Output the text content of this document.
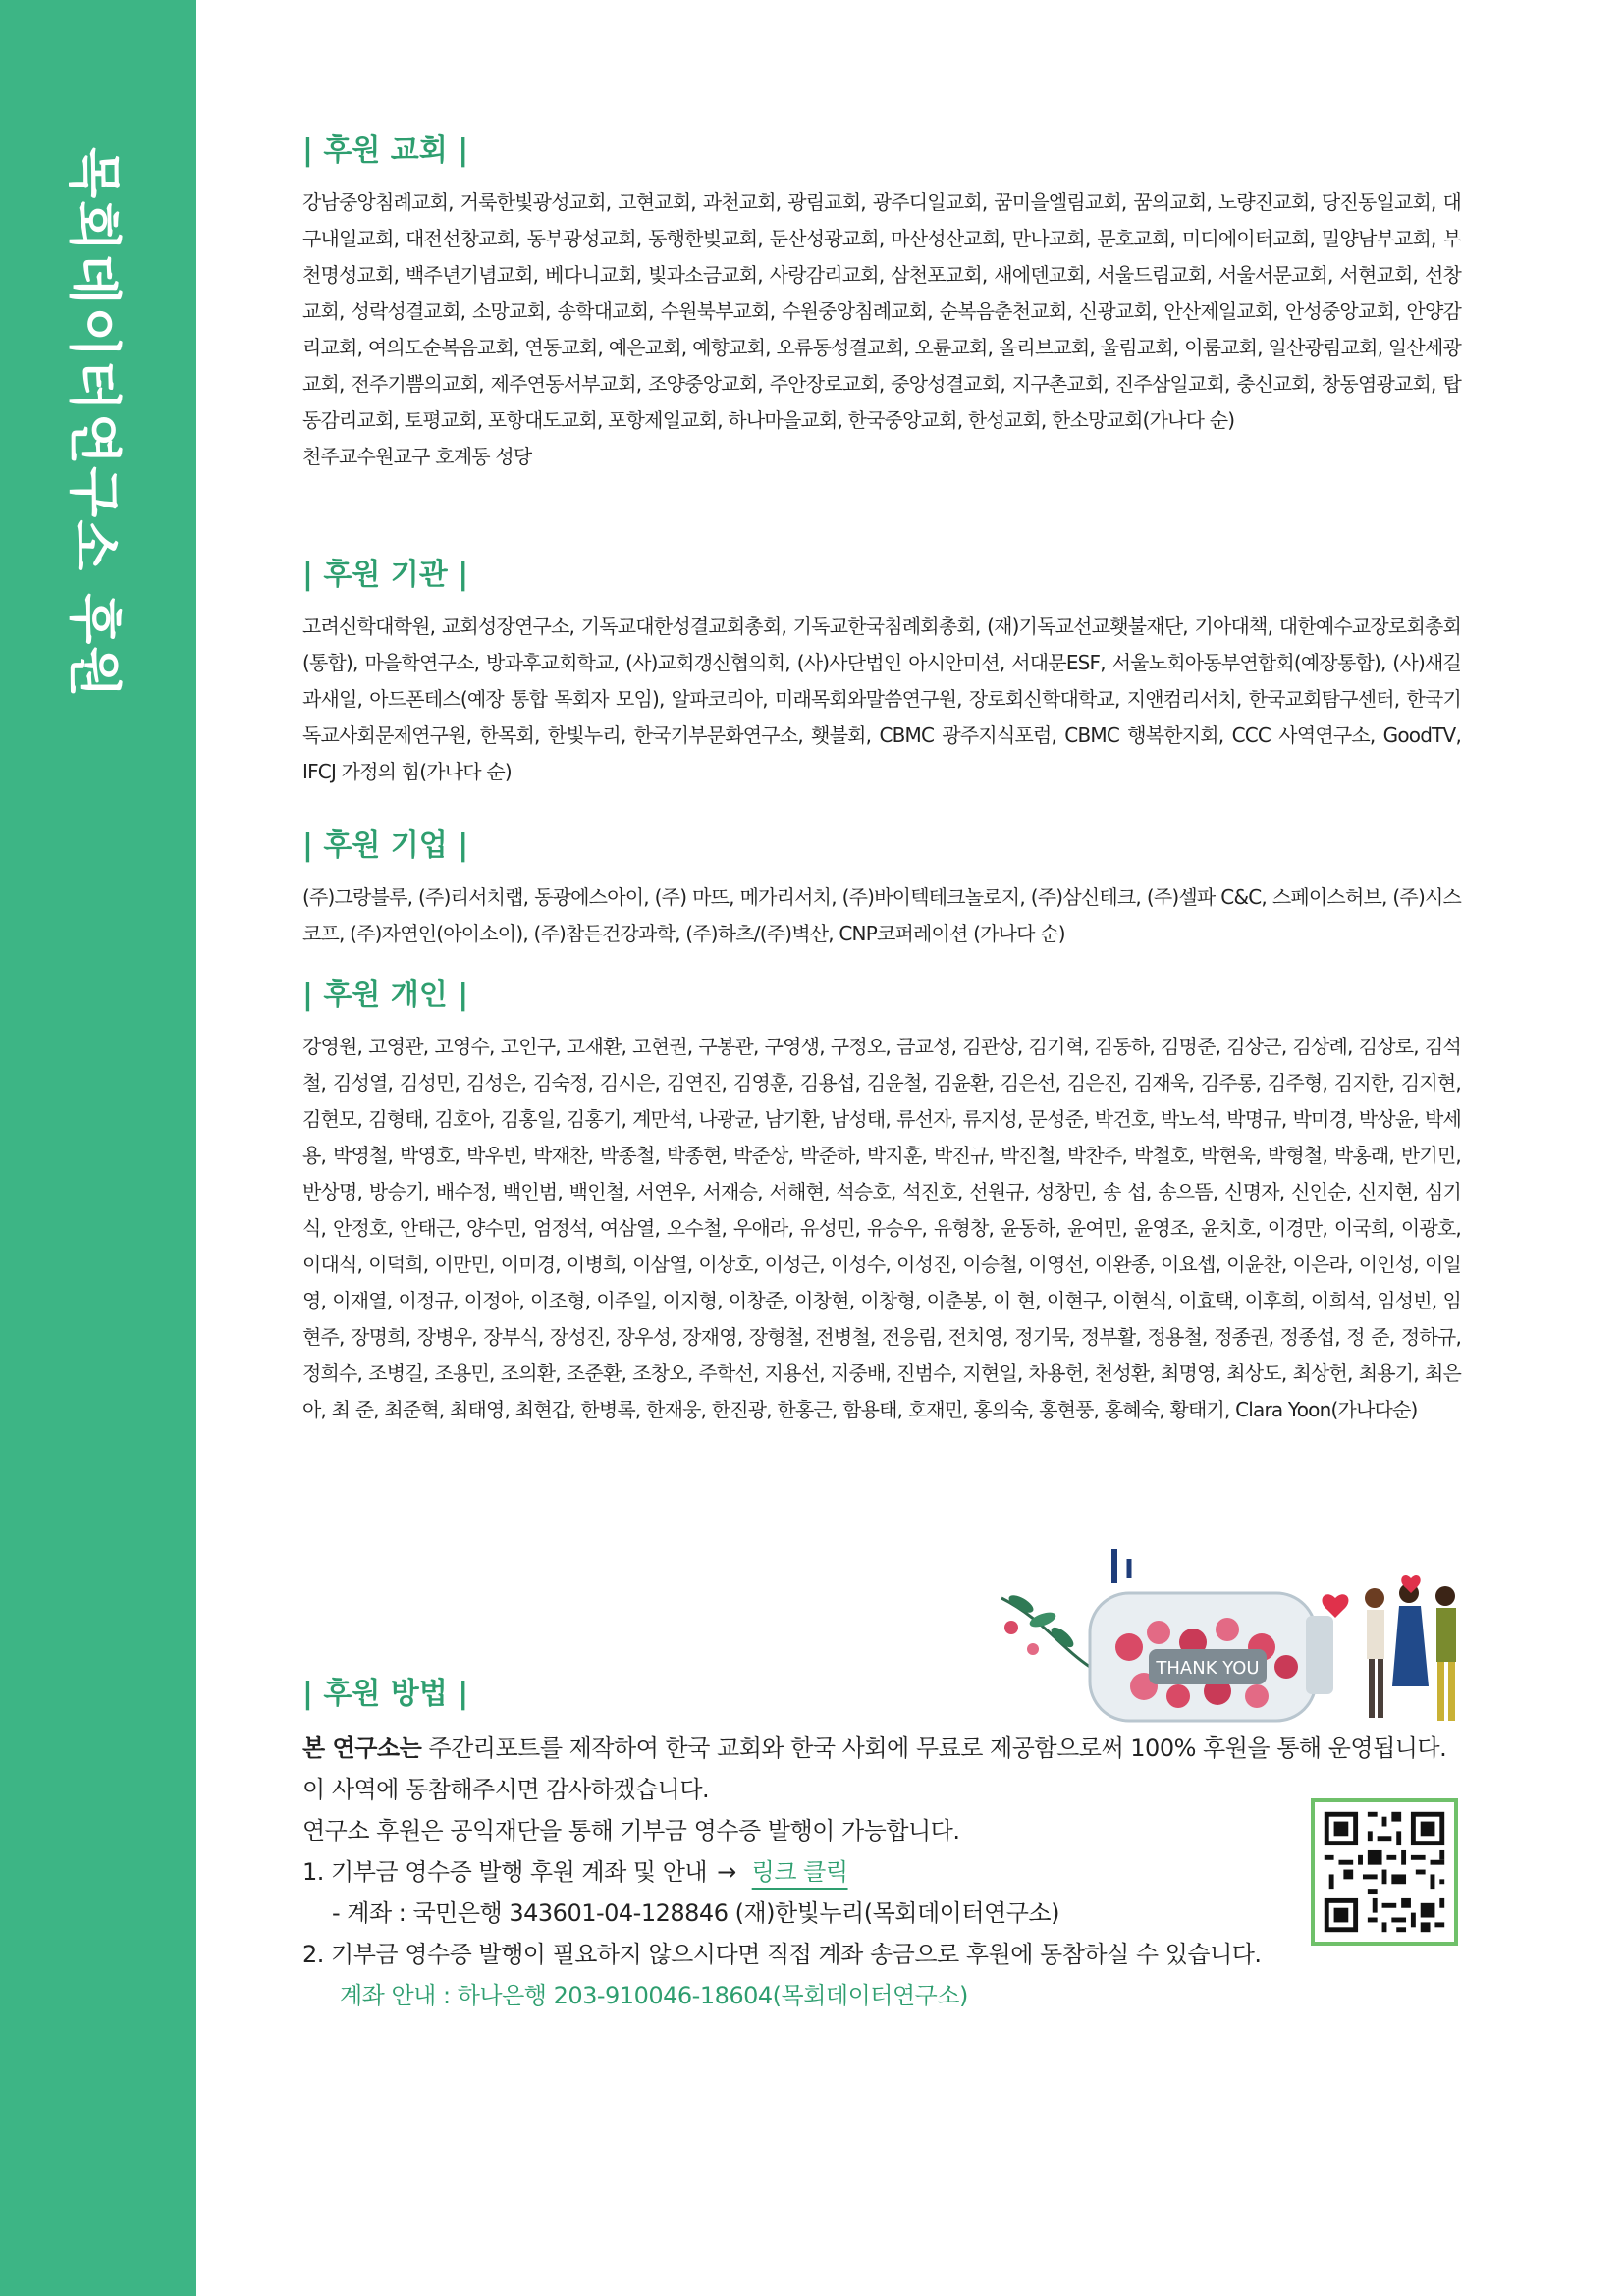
목회데이터연구소 후원	| 후원 교회 |

강남중앙침례교회, 거룩한빛광성교회, 고현교회, 과천교회, 광림교회, 광주디일교회, 꿈미을엘림교회, 꿈의교회, 노량진교회, 당진동일교회, 대구내일교회, 대전선창교회, 동부광성교회, 동행한빛교회, 둔산성광교회, 마산성산교회, 만나교회, 문호교회, 미디에이터교회, 밀양남부교회, 부천명성교회, 백주년기념교회, 베다니교회, 빛과소금교회, 사랑감리교회, 삼천포교회, 새에덴교회, 서울드림교회, 서울서문교회, 서현교회, 선창교회, 성락성결교회, 소망교회, 송학대교회, 수원북부교회, 수원중앙침례교회, 순복음춘천교회, 신광교회, 안산제일교회, 안성중앙교회, 안양감리교회, 여의도순복음교회, 연동교회, 예은교회, 예향교회, 오류동성결교회, 오륜교회, 올리브교회, 울림교회, 이룸교회, 일산광림교회, 일산세광교회, 전주기쁨의교회, 제주연동서부교회, 조양중앙교회, 주안장로교회, 중앙성결교회, 지구촌교회, 진주삼일교회, 충신교회, 창동염광교회, 탑동감리교회, 토평교회, 포항대도교회, 포항제일교회, 하나마을교회, 한국중앙교회, 한성교회, 한소망교회(가나다 순)

천주교수원교구 호계동 성당

| 후원 기관 |

고려신학대학원, 교회성장연구소, 기독교대한성결교회총회, 기독교한국침례회총회, (재)기독교선교횃불재단, 기아대책, 대한예수교장로회총회(통합), 마을학연구소, 방과후교회학교, (사)교회갱신협의회, (사)사단법인 아시안미션, 서대문ESF, 서울노회아동부연합회(예장통합), (사)새길과새일, 아드폰테스(예장 통합 목회자 모임), 알파코리아, 미래목회와말씀연구원, 장로회신학대학교, 지앤컴리서치, 한국교회탐구센터, 한국기독교사회문제연구원, 한목회, 한빛누리, 한국기부문화연구소, 횃불회, CBMC 광주지식포럼, CBMC 행복한지회, CCC 사역연구소, GoodTV, IFCJ 가정의 힘(가나다 순)

| 후원 기업 |

(주)그랑블루, (주)리서치랩, 동광에스아이, (주) 마뜨, 메가리서치, (주)바이텍테크놀로지, (주)삼신테크, (주)셀파 C&C, 스페이스허브, (주)시스코프, (주)자연인(아이소이), (주)참든건강과학, (주)하츠/(주)벽산, CNP코퍼레이션 (가나다 순)

| 후원 개인 |

강영원, 고영관, 고영수, 고인구, 고재환, 고현권, 구봉관, 구영생, 구정오, 금교성, 김관상, 김기혁, 김동하, 김명준, 김상근, 김상례, 김상로, 김석철, 김성열, 김성민, 김성은, 김숙정, 김시은, 김연진, 김영훈, 김용섭, 김윤철, 김윤환, 김은선, 김은진, 김재욱, 김주롱, 김주형, 김지한, 김지현, 김현모, 김형태, 김호아, 김홍일, 김홍기, 계만석, 나광균, 남기환, 남성태, 류선자, 류지성, 문성준, 박건호, 박노석, 박명규, 박미경, 박상윤, 박세용, 박영철, 박영호, 박우빈, 박재찬, 박종철, 박종현, 박준상, 박준하, 박지훈, 박진규, 박진철, 박찬주, 박철호, 박현욱, 박형철, 박홍래, 반기민, 반상명, 방승기, 배수정, 백인범, 백인철, 서연우, 서재승, 서해현, 석승호, 석진호, 선원규, 성창민, 송 섭, 송으뜸, 신명자, 신인순, 신지현, 심기식, 안정호, 안태근, 양수민, 엄정석, 여삼열, 오수철, 우애라, 유성민, 유승우, 유형창, 윤동하, 윤여민, 윤영조, 윤치호, 이경만, 이국희, 이광호, 이대식, 이덕희, 이만민, 이미경, 이병희, 이삼열, 이상호, 이성근, 이성수, 이성진, 이승철, 이영선, 이완종, 이요셉, 이윤찬, 이은라, 이인성, 이일영, 이재열, 이정규, 이정아, 이조형, 이주일, 이지형, 이창준, 이창현, 이창형, 이춘봉, 이 현, 이현구, 이현식, 이효택, 이후희, 이희석, 임성빈, 임현주, 장명희, 장병우, 장부식, 장성진, 장우성, 장재영, 장형철, 전병철, 전응림, 전치영, 정기묵, 정부활, 정용철, 정종권, 정종섭, 정 준, 정하규, 정희수, 조병길, 조용민, 조의환, 조준환, 조창오, 주학선, 지용선, 지중배, 진범수, 지현일, 차용헌, 천성환, 최명영, 최상도, 최상헌, 최용기, 최은아, 최 준, 최준혁, 최태영, 최현갑, 한병록, 한재웅, 한진광, 한홍근, 함용태, 호재민, 홍의숙, 홍현풍, 홍혜숙, 황태기, Clara Yoon(가나다순)

| 후원 방법 |

본 연구소는 주간리포트를 제작하여 한국 교회와 한국 사회에 무료로 제공함으로써 100% 후원을 통해 운영됩니다. 이 사역에 동참해주시면 감사하겠습니다.

연구소 후원은 공익재단을 통해 기부금 영수증 발행이 가능합니다.

1. 기부금 영수증 발행 후원 계좌 및 안내 → 링크 클릭

- 계좌 : 국민은행 343601-04-128846 (재)한빛누리(목회데이터연구소)

2. 기부금 영수증 발행이 필요하지 않으시다면 직접 계좌 송금으로 후원에 동참하실 수 있습니다.

계좌 안내 : 하나은행 203-910046-18604(목회데이터연구소)

THANK YOU
